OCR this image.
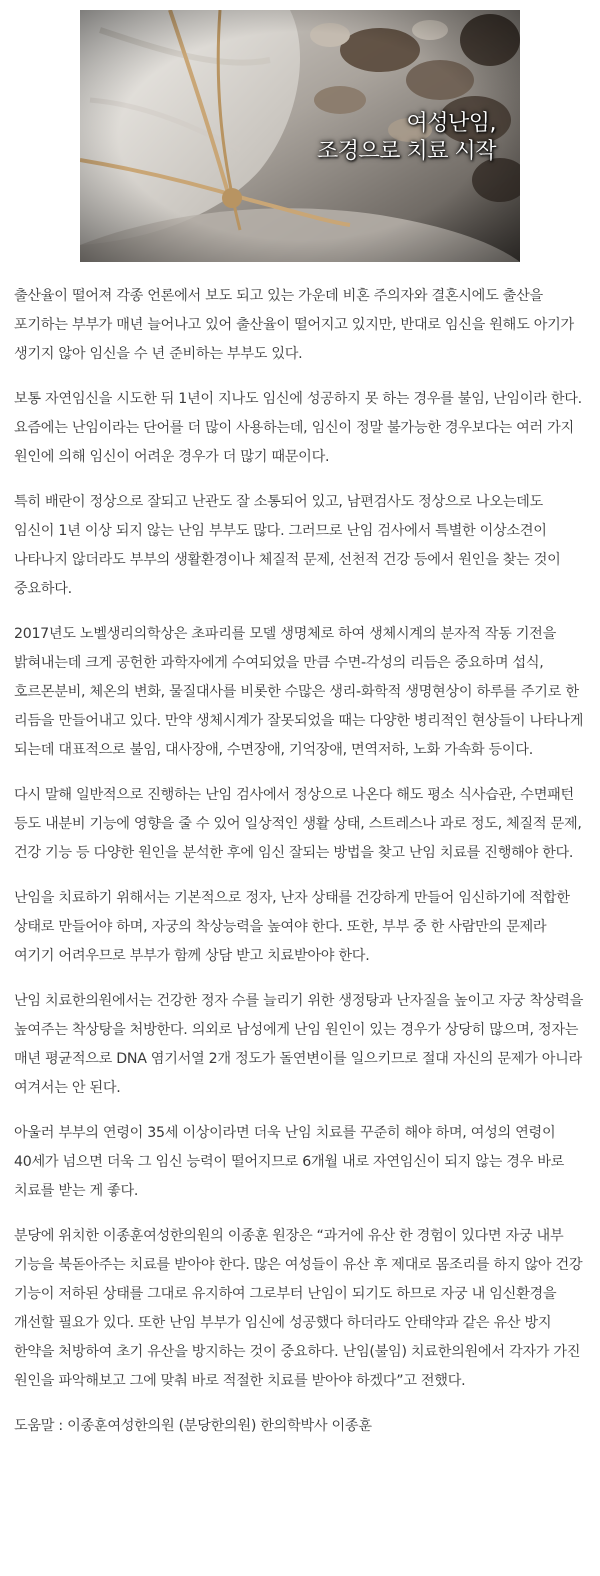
여성난임,
조경으로 치료 시작

출산율이 떨어져 각종 언론에서 보도 되고 있는 가운데 비혼 주의자와 결혼시에도 출산을 포기하는 부부가 매년 늘어나고 있어 출산율이 떨어지고 있지만, 반대로 임신을 원해도 아기가 생기지 않아 임신을 수 년 준비하는 부부도 있다.

보통 자연임신을 시도한 뒤 1년이 지나도 임신에 성공하지 못 하는 경우를 불임, 난임이라 한다. 요즘에는 난임이라는 단어를 더 많이 사용하는데, 임신이 정말 불가능한 경우보다는 여러 가지 원인에 의해 임신이 어려운 경우가 더 많기 때문이다.

특히 배란이 정상으로 잘되고 난관도 잘 소통되어 있고, 남편검사도 정상으로 나오는데도 임신이 1년 이상 되지 않는 난임 부부도 많다. 그러므로 난임 검사에서 특별한 이상소견이 나타나지 않더라도 부부의 생활환경이나 체질적 문제, 선천적 건강 등에서 원인을 찾는 것이 중요하다.

2017년도 노벨생리의학상은 초파리를 모델 생명체로 하여 생체시계의 분자적 작동 기전을 밝혀내는데 크게 공헌한 과학자에게 수여되었을 만큼 수면-각성의 리듬은 중요하며 섭식, 호르몬분비, 체온의 변화, 물질대사를 비롯한 수많은 생리-화학적 생명현상이 하루를 주기로 한 리듬을 만들어내고 있다. 만약 생체시계가 잘못되었을 때는 다양한 병리적인 현상들이 나타나게 되는데 대표적으로 불임, 대사장애, 수면장애, 기억장애, 면역저하, 노화 가속화 등이다.

다시 말해 일반적으로 진행하는 난임 검사에서 정상으로 나온다 해도 평소 식사습관, 수면패턴 등도 내분비 기능에 영향을 줄 수 있어 일상적인 생활 상태, 스트레스나 과로 정도, 체질적 문제, 건강 기능 등 다양한 원인을 분석한 후에 임신 잘되는 방법을 찾고 난임 치료를 진행해야 한다.

난임을 치료하기 위해서는 기본적으로 정자, 난자 상태를 건강하게 만들어 임신하기에 적합한 상태로 만들어야 하며, 자궁의 착상능력을 높여야 한다. 또한, 부부 중 한 사람만의 문제라 여기기 어려우므로 부부가 함께 상담 받고 치료받아야 한다.

난임 치료한의원에서는 건강한 정자 수를 늘리기 위한 생정탕과 난자질을 높이고 자궁 착상력을 높여주는 착상탕을 처방한다. 의외로 남성에게 난임 원인이 있는 경우가 상당히 많으며, 정자는 매년 평균적으로 DNA 염기서열 2개 정도가 돌연변이를 일으키므로 절대 자신의 문제가 아니라 여겨서는 안 된다.

아울러 부부의 연령이 35세 이상이라면 더욱 난임 치료를 꾸준히 해야 하며, 여성의 연령이 40세가 넘으면 더욱 그 임신 능력이 떨어지므로 6개월 내로 자연임신이 되지 않는 경우 바로 치료를 받는 게 좋다.

분당에 위치한 이종훈여성한의원의 이종훈 원장은 “과거에 유산 한 경험이 있다면 자궁 내부 기능을 북돋아주는 치료를 받아야 한다. 많은 여성들이 유산 후 제대로 몸조리를 하지 않아 건강 기능이 저하된 상태를 그대로 유지하여 그로부터 난임이 되기도 하므로 자궁 내 임신환경을 개선할 필요가 있다. 또한 난임 부부가 임신에 성공했다 하더라도 안태약과 같은 유산 방지 한약을 처방하여 초기 유산을 방지하는 것이 중요하다. 난임(불임) 치료한의원에서 각자가 가진 원인을 파악해보고 그에 맞춰 바로 적절한 치료를 받아야 하겠다”고 전했다.

도움말 : 이종훈여성한의원 (분당한의원) 한의학박사 이종훈
